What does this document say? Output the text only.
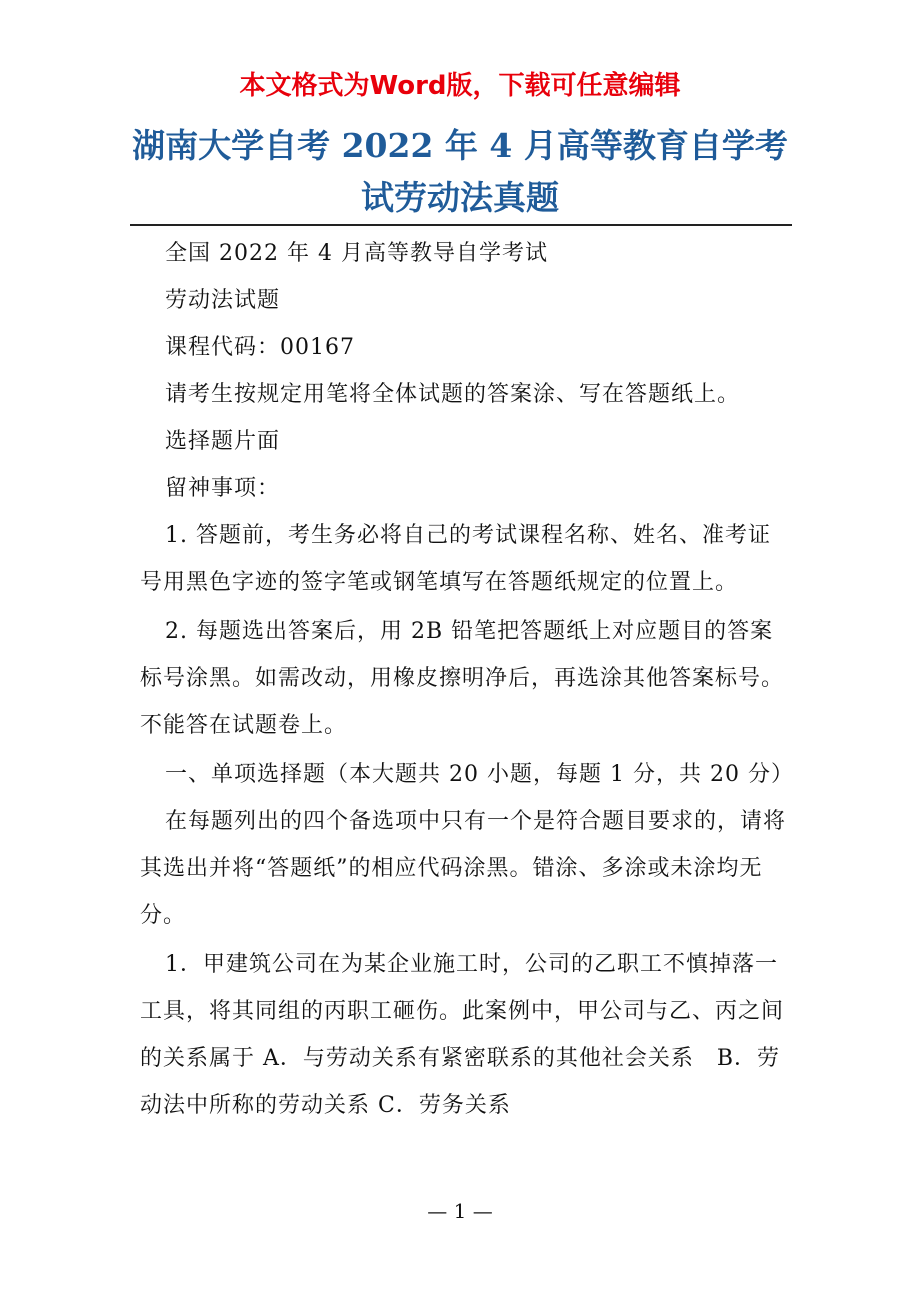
本文格式为Word版，下载可任意编辑
湖南大学自考 2022 年 4 月高等教育自学考
试劳动法真题

全国 2022 年 4 月高等教导自学考试

劳动法试题

课程代码：00167

请考生按规定用笔将全体试题的答案涂、写在答题纸上。

选择题片面

留神事项：

1. 答题前，考生务必将自己的考试课程名称、姓名、准考证号用黑色字迹的签字笔或钢笔填写在答题纸规定的位置上。

2. 每题选出答案后，用 2B 铅笔把答题纸上对应题目的答案标号涂黑。如需改动，用橡皮擦明净后，再选涂其他答案标号。不能答在试题卷上。

一、单项选择题（本大题共 20 小题，每题 1 分，共 20 分）

在每题列出的四个备选项中只有一个是符合题目要求的，请将其选出并将“答题纸”的相应代码涂黑。错涂、多涂或未涂均无分。

1．甲建筑公司在为某企业施工时，公司的乙职工不慎掉落一工具，将其同组的丙职工砸伤。此案例中，甲公司与乙、丙之间的关系属于 A．与劳动关系有紧密联系的其他社会关系　B．劳动法中所称的劳动关系 C．劳务关系

— 1 —
